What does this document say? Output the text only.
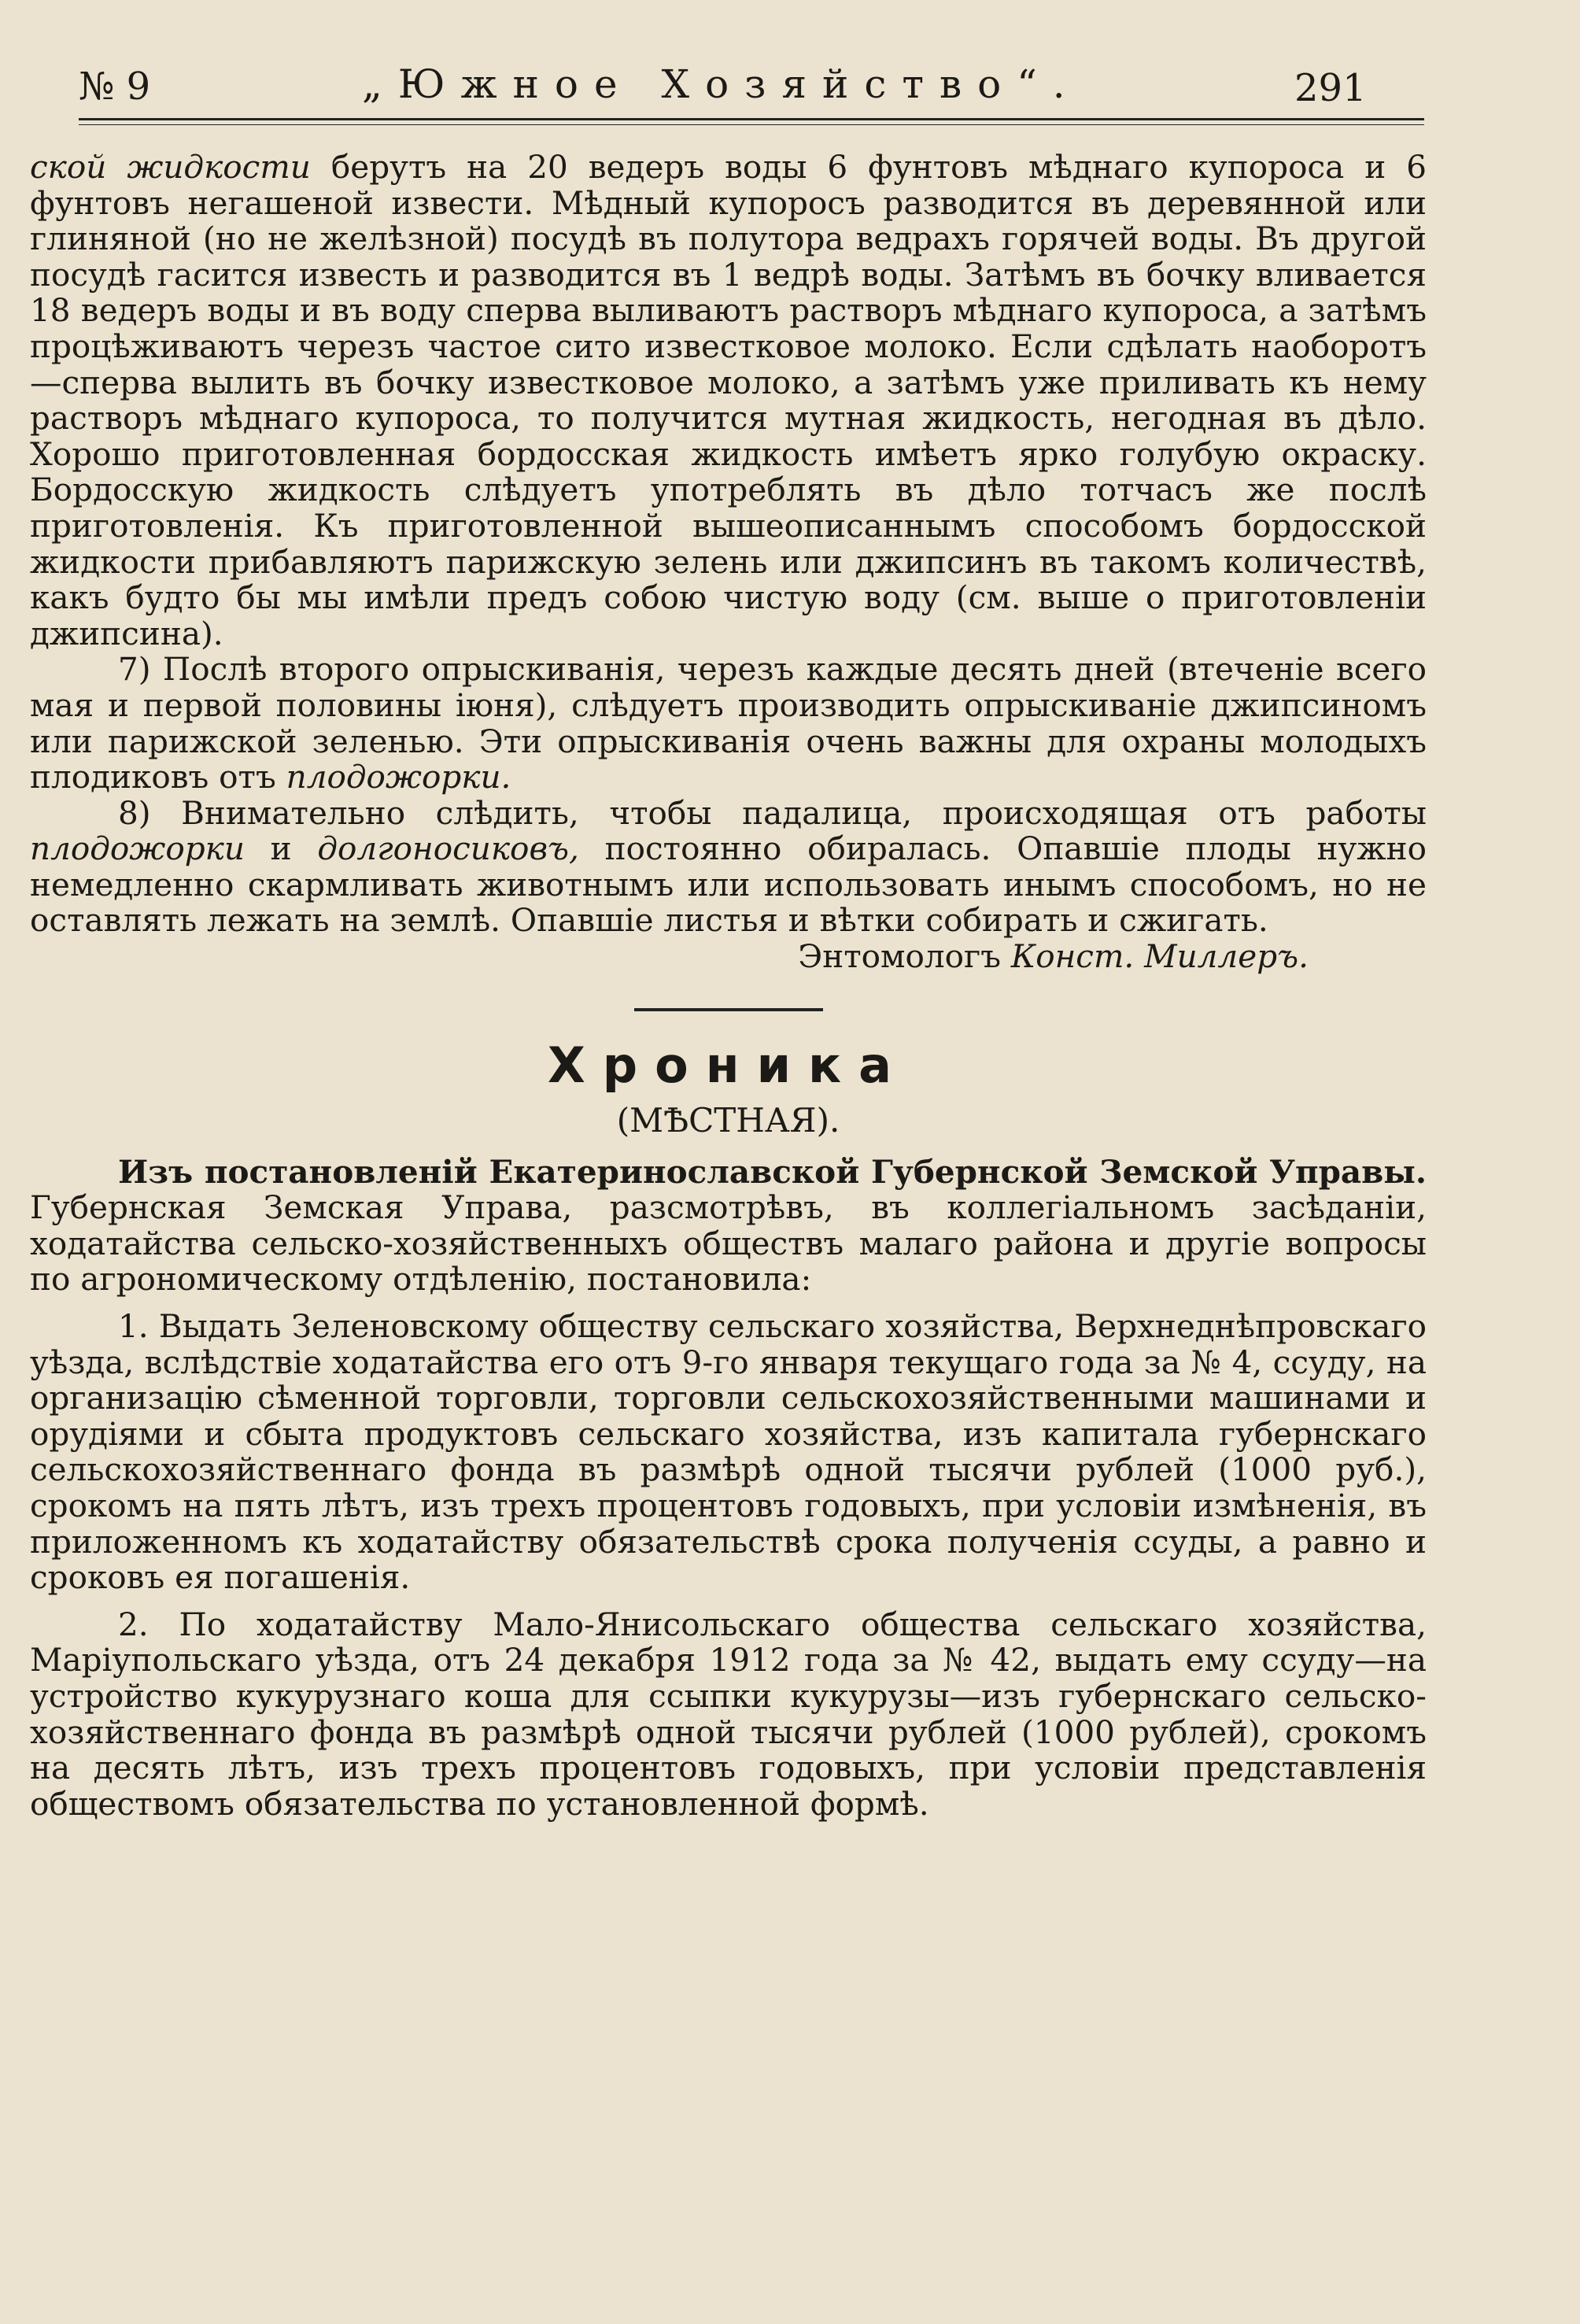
№ 9	„Южное Хозяйство“.	291

ской жидкости берутъ на 20 ведеръ воды 6 фунтовъ мѣднаго купороса и 6 фунтовъ негашеной извести. Мѣдный купоросъ разводится въ деревянной или глиняной (но не желѣзной) посудѣ въ полутора ведрахъ горячей воды. Въ другой посудѣ гасится известь и разводится въ 1 ведрѣ воды. Затѣмъ въ бочку вливается 18 ведеръ воды и въ воду сперва выливаютъ растворъ мѣднаго купороса, а затѣмъ процѣживаютъ черезъ частое сито известковое молоко. Если сдѣлать наоборотъ—сперва вылить въ бочку известковое молоко, а затѣмъ уже приливать къ нему растворъ мѣднаго купороса, то получится мутная жидкость, негодная въ дѣло. Хорошо приготовленная бордосская жидкость имѣетъ ярко голубую окраску. Бордосскую жидкость слѣдуетъ употреблять въ дѣло тотчасъ же послѣ приготовленія. Къ приготовленной вышеописаннымъ способомъ бордосской жидкости прибавляютъ парижскую зелень или джипсинъ въ такомъ количествѣ, какъ будто бы мы имѣли предъ собою чистую воду (см. выше о приготовленіи джипсина).

7) Послѣ второго опрыскиванія, черезъ каждые десять дней (втеченіе всего мая и первой половины іюня), слѣдуетъ производить опрыскиваніе джипсиномъ или парижской зеленью. Эти опрыскиванія очень важны для охраны молодыхъ плодиковъ отъ плодожорки.

8) Внимательно слѣдить, чтобы падалица, происходящая отъ работы плодожорки и долгоносиковъ, постоянно обиралась. Опавшіе плоды нужно немедленно скармливать животнымъ или использовать инымъ способомъ, но не оставлять лежать на землѣ. Опавшіе листья и вѣтки собирать и сжигать.

Энтомологъ Конст. Миллеръ.

Хроника
(МѢСТНАЯ).

Изъ постановленій Екатеринославской Губернской Земской Управы. Губернская Земская Управа, разсмотрѣвъ, въ коллегіальномъ засѣданіи, ходатайства сельско-хозяйственныхъ обществъ малаго района и другіе вопросы по агрономическому отдѣленію, постановила:

1. Выдать Зеленовскому обществу сельскаго хозяйства, Верхнеднѣпровскаго уѣзда, вслѣдствіе ходатайства его отъ 9-го января текущаго года за № 4, ссуду, на организацію сѣменной торговли, торговли сельскохозяйственными машинами и орудіями и сбыта продуктовъ сельскаго хозяйства, изъ капитала губернскаго сельскохозяйственнаго фонда въ размѣрѣ одной тысячи рублей (1000 руб.), срокомъ на пять лѣтъ, изъ трехъ процентовъ годовыхъ, при условіи измѣненія, въ приложенномъ къ ходатайству обязательствѣ срока полученія ссуды, а равно и сроковъ ея погашенія.

2. По ходатайству Мало-Янисольскаго общества сельскаго хозяйства, Маріупольскаго уѣзда, отъ 24 декабря 1912 года за № 42, выдать ему ссуду—на устройство кукурузнаго коша для ссыпки кукурузы—изъ губернскаго сельско-хозяйственнаго фонда въ размѣрѣ одной тысячи рублей (1000 рублей), срокомъ на десять лѣтъ, изъ трехъ процентовъ годовыхъ, при условіи представленія обществомъ обязательства по установленной формѣ.
